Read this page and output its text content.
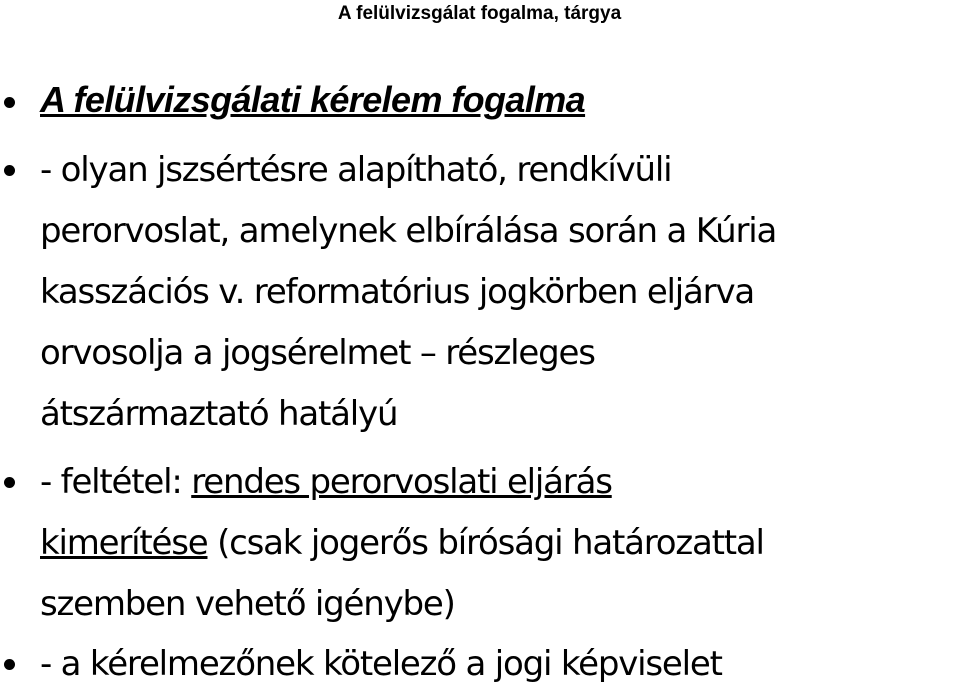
A felülvizsgálat fogalma, tárgya
A felülvizsgálati kérelem fogalma
- olyan jszsértésre alapítható, rendkívüli
perorvoslat, amelynek elbírálása során a Kúria
kasszációs v. reformatórius jogkörben eljárva
orvosolja a jogsérelmet – részleges
átszármaztató hatályú
- feltétel: rendes perorvoslati eljárás
kimerítése (csak jogerős bírósági határozattal
szemben vehető igénybe)
- a kérelmezőnek kötelező a jogi képviselet
